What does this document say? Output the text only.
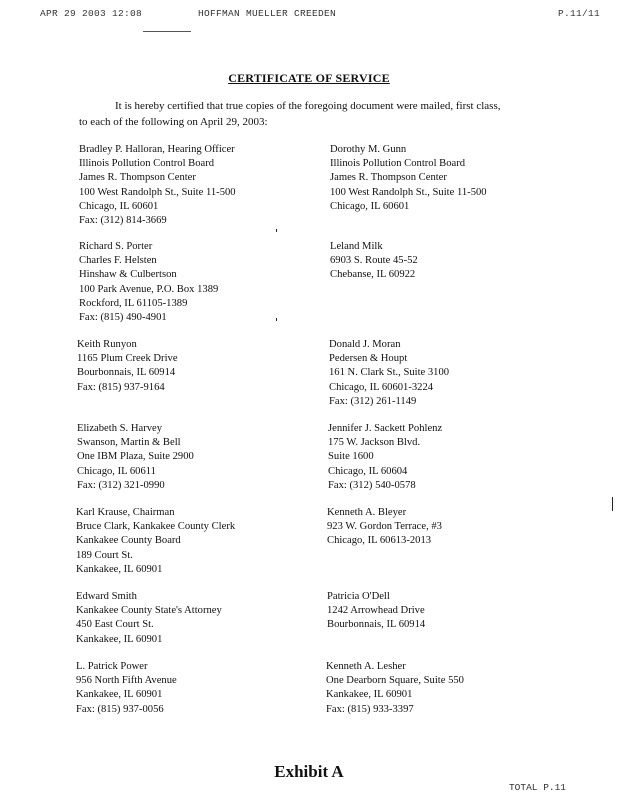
APR 29 2003 12:08	HOFFMAN MUELLER CREEDEN	P.11/11
CERTIFICATE OF SERVICE
It is hereby certified that true copies of the foregoing document were mailed, first class,
to each of the following on April 29, 2003:
Bradley P. Halloran, Hearing Officer
Illinois Pollution Control Board
James R. Thompson Center
100 West Randolph St., Suite 11-500
Chicago, IL 60601
Fax: (312) 814-3669
Richard S. Porter
Charles F. Helsten
Hinshaw & Culbertson
100 Park Avenue, P.O. Box 1389
Rockford, IL 61105-1389
Fax: (815) 490-4901
Keith Runyon
1165 Plum Creek Drive
Bourbonnais, IL 60914
Fax: (815) 937-9164
Elizabeth S. Harvey
Swanson, Martin & Bell
One IBM Plaza, Suite 2900
Chicago, IL 60611
Fax: (312) 321-0990
Karl Krause, Chairman
Bruce Clark, Kankakee County Clerk
Kankakee County Board
189 Court St.
Kankakee, IL 60901
Edward Smith
Kankakee County State's Attorney
450 East Court St.
Kankakee, IL 60901
L. Patrick Power
956 North Fifth Avenue
Kankakee, IL 60901
Fax: (815) 937-0056
Dorothy M. Gunn
Illinois Pollution Control Board
James R. Thompson Center
100 West Randolph St., Suite 11-500
Chicago, IL 60601
Leland Milk
6903 S. Route 45-52
Chebanse, IL 60922
Donald J. Moran
Pedersen & Houpt
161 N. Clark St., Suite 3100
Chicago, IL 60601-3224
Fax: (312) 261-1149
Jennifer J. Sackett Pohlenz
175 W. Jackson Blvd.
Suite 1600
Chicago, IL 60604
Fax: (312) 540-0578
Kenneth A. Bleyer
923 W. Gordon Terrace, #3
Chicago, IL 60613-2013
Patricia O'Dell
1242 Arrowhead Drive
Bourbonnais, IL 60914
Kenneth A. Lesher
One Dearborn Square, Suite 550
Kankakee, IL 60901
Fax: (815) 933-3397
Exhibit A
TOTAL P.11
